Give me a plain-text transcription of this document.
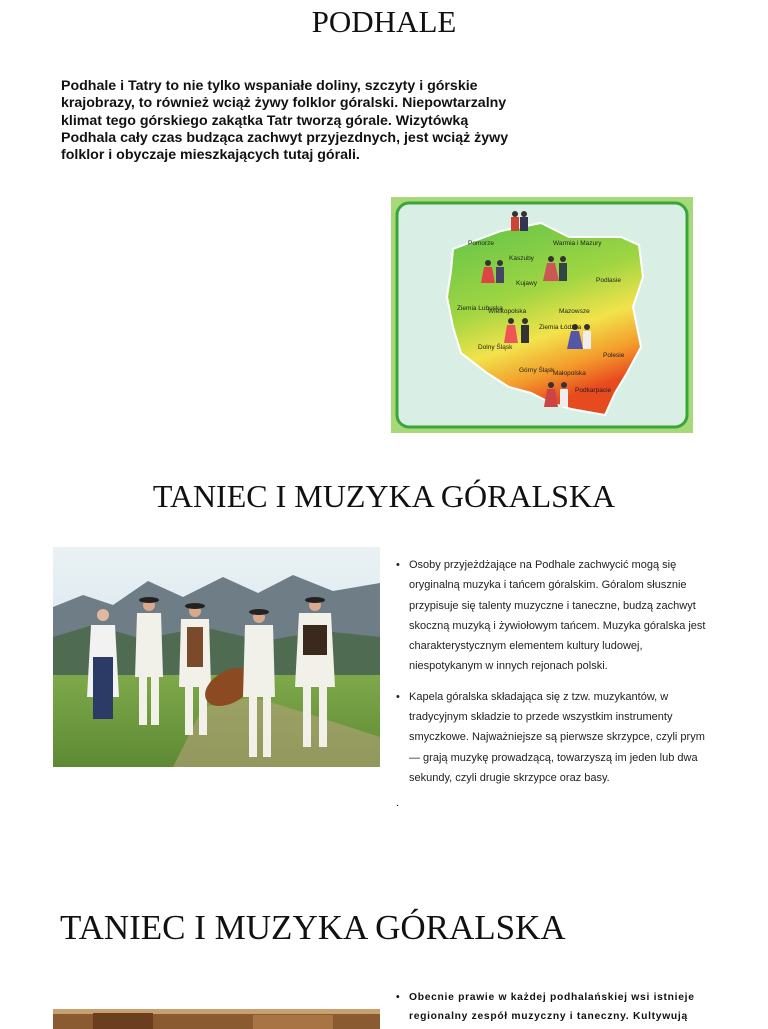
PODHALE
Podhale i Tatry to nie tylko wspaniałe doliny, szczyty i górskie krajobrazy, to również wciąż żywy folklor góralski. Niepowtarzalny klimat tego górskiego zakątka Tatr tworzą górale. Wizytówką Podhala cały czas budząca zachwyt przyjezdnych, jest wciąż żywy folklor i obyczaje mieszkających tutaj górali.
Pomorze
Kaszuby
Warmia i Mazury
Kujawy	Podlasie
Ziemia Lubuska
Wielkopolska	Mazowsze
Ziemia Łódzka
Dolny Śląsk
Polesie
Górny Śląsk
Małopolska
Podkarpacie
TANIEC I MUZYKA GÓRALSKA
• Osoby przyjeżdżające na Podhale zachwycić mogą się oryginalną muzyka i tańcem góralskim. Góralom słusznie przypisuje się talenty muzyczne i taneczne, budzą zachwyt skoczną muzyką i żywiołowym tańcem. Muzyka góralska jest charakterystycznym elementem kultury ludowej, niespotykanym w innych rejonach polski.
• Kapela góralska składająca się z tzw. muzykantów, w tradycyjnym składzie to przede wszystkim instrumenty smyczkowe. Najważniejsze są pierwsze skrzypce, czyli prym — grają muzykę prowadzącą, towarzyszą im jeden lub dwa sekundy, czyli drugie skrzypce oraz basy.
.
TANIEC I MUZYKA GÓRALSKA
• Obecnie prawie w każdej podhalańskiej wsi istnieje regionalny zespół muzyczny i taneczny. Kultywują
